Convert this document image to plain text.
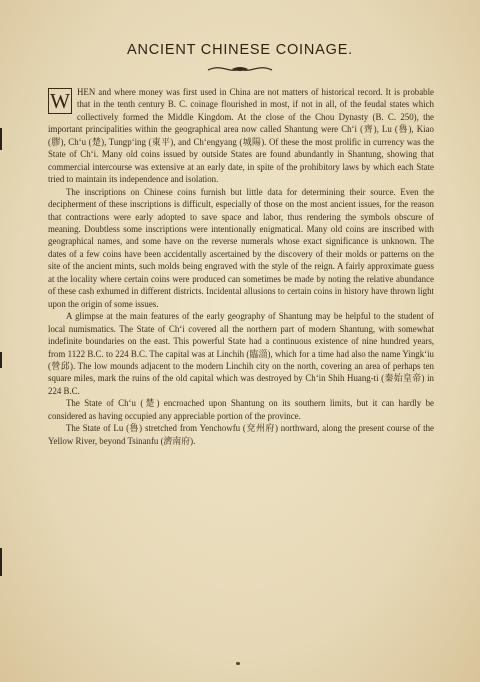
ANCIENT CHINESE COINAGE.

W HEN and where money was first used in China are not matters of historical record. It is probable that in the tenth century B. C. coinage flourished in most, if not in all, of the feudal states which collectively formed the Middle Kingdom. At the close of the Chou Dynasty (B. C. 250), the important principalities within the geographical area now called Shantung were Ch‘i (齊), Lu (魯), Kiao (膠), Ch‘u (楚), Tungp‘ing (東平), and Ch‘engyang (城陽). Of these the most prolific in currency was the State of Ch‘i. Many old coins issued by outside States are found abundantly in Shantung, showing that commercial intercourse was extensive at an early date, in spite of the prohibitory laws by which each State tried to maintain its independence and isolation.

The inscriptions on Chinese coins furnish but little data for determining their source. Even the decipherment of these inscriptions is difficult, especially of those on the most ancient issues, for the reason that contractions were early adopted to save space and labor, thus rendering the symbols obscure of meaning. Doubtless some inscriptions were intentionally enigmatical. Many old coins are inscribed with geographical names, and some have on the reverse numerals whose exact significance is unknown. The dates of a few coins have been accidentally ascertained by the discovery of their molds or patterns on the site of the ancient mints, such molds being engraved with the style of the reign. A fairly approximate guess at the locality where certain coins were produced can sometimes be made by noting the relative abundance of these cash exhumed in different districts. Incidental allusions to certain coins in history have thrown light upon the origin of some issues.

A glimpse at the main features of the early geography of Shantung may be helpful to the student of local numismatics. The State of Ch‘i covered all the northern part of modern Shantung, with somewhat indefinite boundaries on the east. This powerful State had a continuous existence of nine hundred years, from 1122 B.C. to 224 B.C. The capital was at Linchih (臨淄), which for a time had also the name Yingk‘iu (營邱). The low mounds adjacent to the modern Linchih city on the north, covering an area of perhaps ten square miles, mark the ruins of the old capital which was destroyed by Ch‘in Shih Huang-ti (秦始皇帝) in 224 B.C.

The State of Ch‘u (楚) encroached upon Shantung on its southern limits, but it can hardly be considered as having occupied any appreciable portion of the province.

The State of Lu (魯) stretched from Yenchowfu (兗州府) northward, along the present course of the Yellow River, beyond Tsinanfu (濟南府).
